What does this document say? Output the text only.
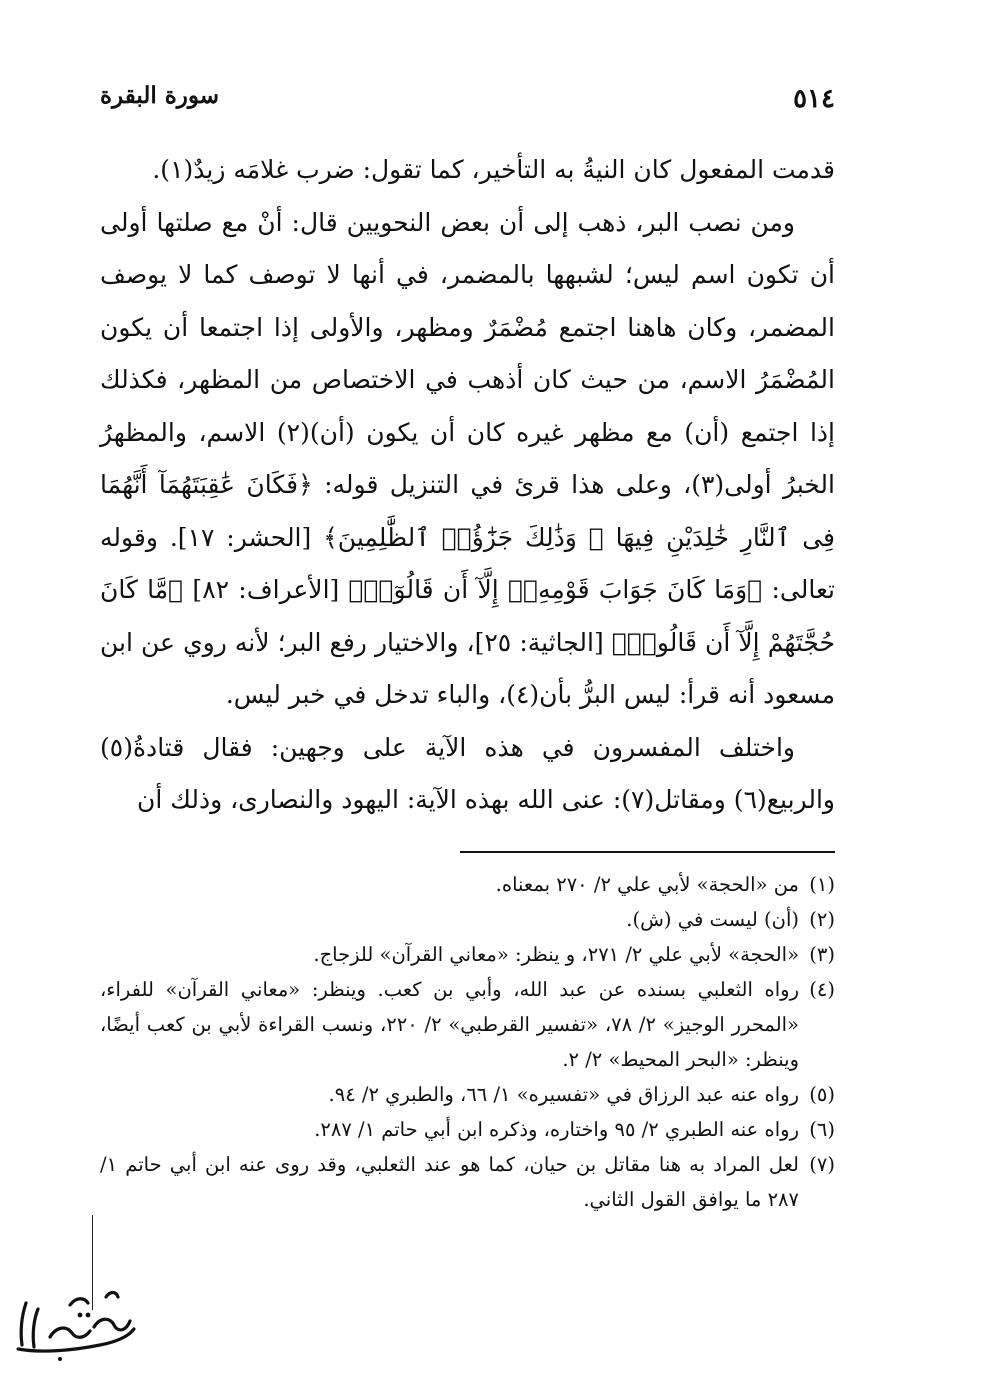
٥١٤
سورة البقرة

قدمت المفعول كان النيةُ به التأخير، كما تقول: ضرب غلامَه زيدٌ(١).

ومن نصب البر، ذهب إلى أن بعض النحويين قال: أنْ مع صلتها أولى أن تكون اسم ليس؛ لشبهها بالمضمر، في أنها لا توصف كما لا يوصف المضمر، وكان هاهنا اجتمع مُضْمَرٌ ومظهر، والأولى إذا اجتمعا أن يكون المُضْمَرُ الاسم، من حيث كان أذهب في الاختصاص من المظهر، فكذلك إذا اجتمع (أن) مع مظهر غيره كان أن يكون (أن)(٢) الاسم، والمظهرُ الخبرُ أولى(٣)، وعلى هذا قرئ في التنزيل قوله: ﴿فَكَانَ عَٰقِبَتَهُمَآ أَنَّهُمَا فِى ٱلنَّارِ خَٰلِدَيْنِ فِيهَا ۚ وَذَٰلِكَ جَزَٰٓؤُا۟ ٱلظَّٰلِمِينَ﴾ [الحشر: ١٧]. وقوله تعالى: ﴿وَمَا كَانَ جَوَابَ قَوْمِهِۦٓ إِلَّآ أَن قَالُوٓا۟﴾ [الأعراف: ٨٢] ﴿مَّا كَانَ حُجَّتَهُمْ إِلَّآ أَن قَالُوا۟﴾ [الجاثية: ٢٥]، والاختيار رفع البر؛ لأنه روي عن ابن مسعود أنه قرأ: ليس البرُّ بأن(٤)، والباء تدخل في خبر ليس.

واختلف المفسرون في هذه الآية على وجهين: فقال قتادةُ(٥) والربيع(٦) ومقاتل(٧): عنى الله بهذه الآية: اليهود والنصارى، وذلك أن

(١)
من «الحجة» لأبي علي ٢/ ٢٧٠ بمعناه.
(٢)
(أن) ليست في (ش).
(٣)
«الحجة» لأبي علي ٢/ ٢٧١، و ينظر: «معاني القرآن» للزجاج.
(٤)
رواه الثعلبي بسنده عن عبد الله، وأبي بن كعب. وينظر: «معاني القرآن» للفراء، «المحرر الوجيز» ٢/ ٧٨، «تفسير القرطبي» ٢/ ٢٢٠، ونسب القراءة لأبي بن كعب أيضًا، وينظر: «البحر المحيط» ٢/ ٢.
(٥)
رواه عنه عبد الرزاق في «تفسيره» ١/ ٦٦، والطبري ٢/ ٩٤.
(٦)
رواه عنه الطبري ٢/ ٩٥ واختاره، وذكره ابن أبي حاتم ١/ ٢٨٧.
(٧)
لعل المراد به هنا مقاتل بن حيان، كما هو عند الثعلبي، وقد روى عنه ابن أبي حاتم ١/ ٢٨٧ ما يوافق القول الثاني.
